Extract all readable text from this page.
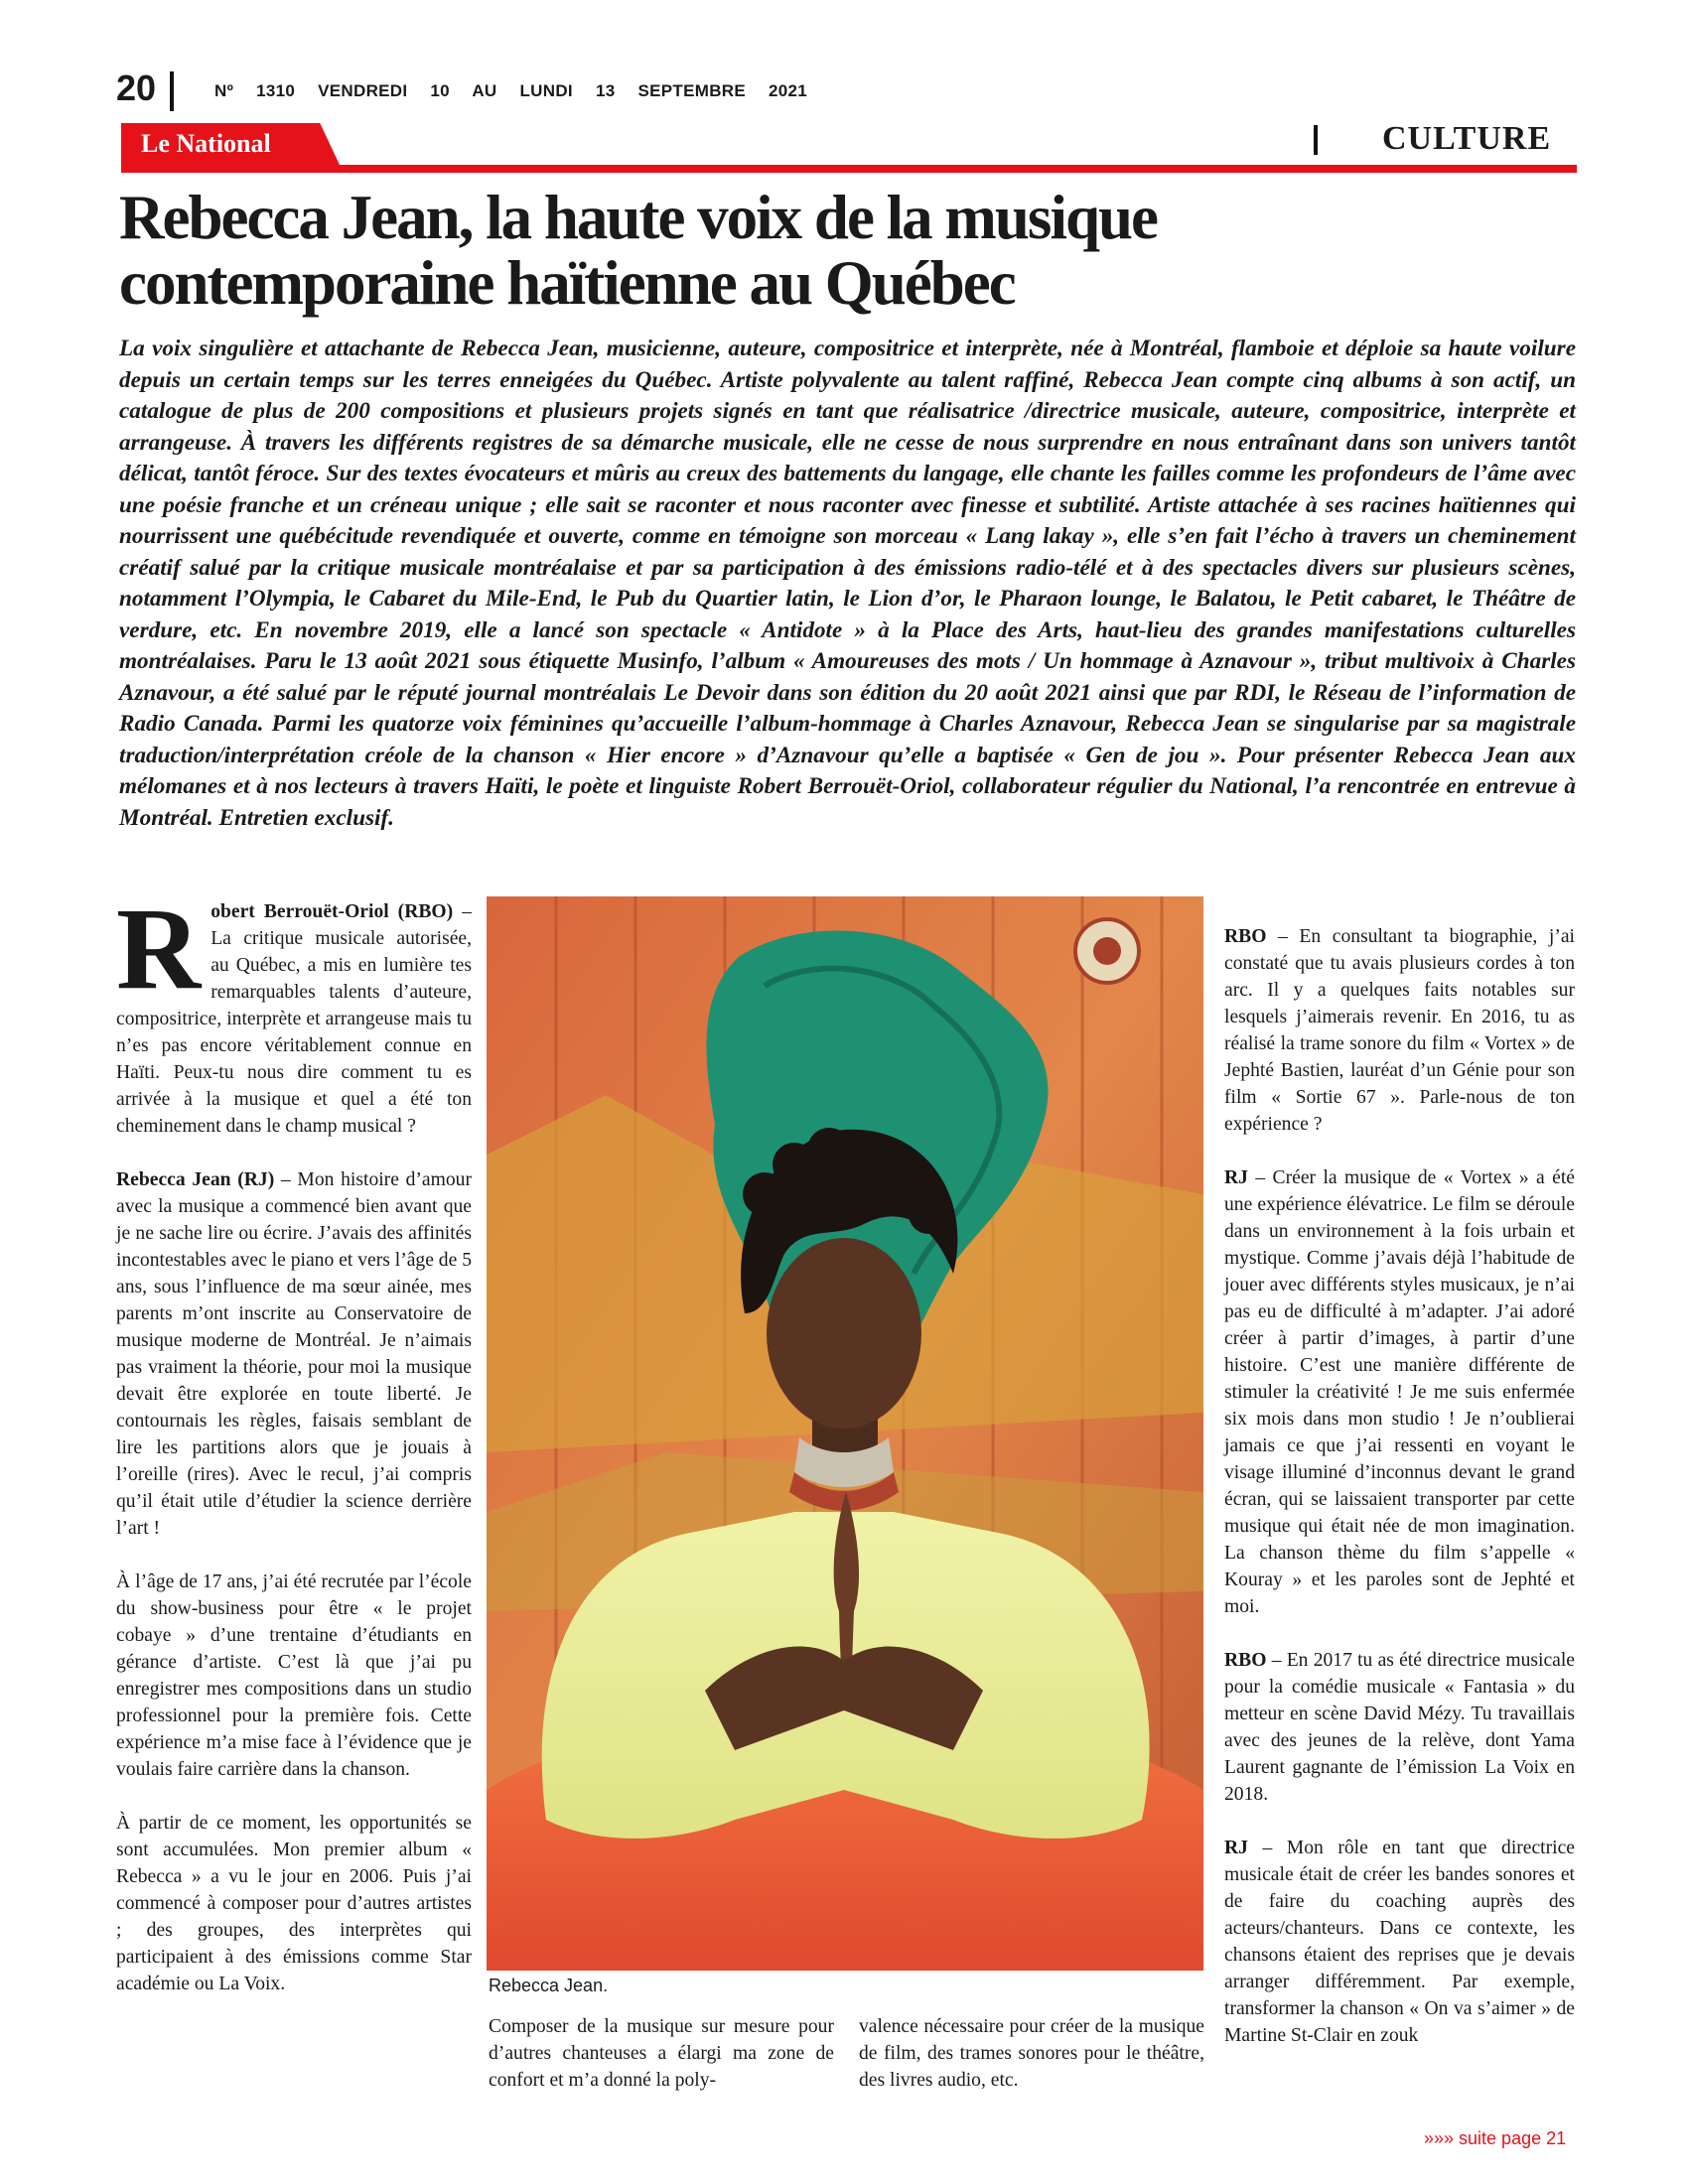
20	Nº 1310 VENDREDI 10 AU LUNDI 13 SEPTEMBRE 2021
Le National	CULTURE
Rebecca Jean, la haute voix de la musique
contemporaine haïtienne au Québec

La voix singulière et attachante de Rebecca Jean, musicienne, auteure, compositrice et interprète, née à Montréal, flamboie et déploie sa haute voilure depuis un certain temps sur les terres enneigées du Québec. Artiste polyvalente au talent raffiné, Rebecca Jean compte cinq albums à son actif, un catalogue de plus de 200 compositions et plusieurs projets signés en tant que réalisatrice /directrice musicale, auteure, compositrice, interprète et arrangeuse. À travers les différents registres de sa démarche musicale, elle ne cesse de nous surprendre en nous entraînant dans son univers tantôt délicat, tantôt féroce. Sur des textes évocateurs et mûris au creux des battements du langage, elle chante les failles comme les profondeurs de l’âme avec une poésie franche et un créneau unique ; elle sait se raconter et nous raconter avec finesse et subtilité. Artiste attachée à ses racines haïtiennes qui nourrissent une québécitude revendiquée et ouverte, comme en témoigne son morceau « Lang lakay », elle s’en fait l’écho à travers un cheminement créatif salué par la critique musicale montréalaise et par sa participation à des émissions radio-télé et à des spectacles divers sur plusieurs scènes, notamment l’Olympia, le Cabaret du Mile-End, le Pub du Quartier latin, le Lion d’or, le Pharaon lounge, le Balatou, le Petit cabaret, le Théâtre de verdure, etc. En novembre 2019, elle a lancé son spectacle « Antidote » à la Place des Arts, haut-lieu des grandes manifestations culturelles montréalaises. Paru le 13 août 2021 sous étiquette Musinfo, l’album « Amoureuses des mots / Un hommage à Aznavour », tribut multivoix à Charles Aznavour, a été salué par le réputé journal montréalais Le Devoir dans son édition du 20 août 2021 ainsi que par RDI, le Réseau de l’information de Radio Canada. Parmi les quatorze voix féminines qu’accueille l’album-hommage à Charles Aznavour, Rebecca Jean se singularise par sa magistrale traduction/interprétation créole de la chanson « Hier encore » d’Aznavour qu’elle a baptisée « Gen de jou ». Pour présenter Rebecca Jean aux mélomanes et à nos lecteurs à travers Haïti, le poète et linguiste Robert Berrouët-Oriol, collaborateur régulier du National, l’a rencontrée en entrevue à Montréal. Entretien exclusif.

Robert Berrouët-Oriol (RBO) – La critique musicale autorisée, au Québec, a mis en lumière tes remarquables talents d’auteure, compositrice, interprète et arrangeuse mais tu n’es pas encore véritablement connue en Haïti. Peux-tu nous dire comment tu es arrivée à la musique et quel a été ton cheminement dans le champ musical ?

Rebecca Jean (RJ) – Mon histoire d’amour avec la musique a commencé bien avant que je ne sache lire ou écrire. J’avais des affinités incontestables avec le piano et vers l’âge de 5 ans, sous l’influence de ma sœur ainée, mes parents m’ont inscrite au Conservatoire de musique moderne de Montréal. Je n’aimais pas vraiment la théorie, pour moi la musique devait être explorée en toute liberté. Je contournais les règles, faisais semblant de lire les partitions alors que je jouais à l’oreille (rires). Avec le recul, j’ai compris qu’il était utile d’étudier la science derrière l’art !

À l’âge de 17 ans, j’ai été recrutée par l’école du show-business pour être « le projet cobaye » d’une trentaine d’étudiants en gérance d’artiste. C’est là que j’ai pu enregistrer mes compositions dans un studio professionnel pour la première fois. Cette expérience m’a mise face à l’évidence que je voulais faire carrière dans la chanson.

À partir de ce moment, les opportunités se sont accumulées. Mon premier album « Rebecca » a vu le jour en 2006. Puis j’ai commencé à composer pour d’autres artistes ; des groupes, des interprètes qui participaient à des émissions comme Star académie ou La Voix.	Rebecca Jean.

Composer de la musique sur mesure pour d’autres chanteuses a élargi ma zone de confort et m’a donné la poly-

valence nécessaire pour créer de la musique de film, des trames sonores pour le théâtre, des livres audio, etc.

RBO – En consultant ta biographie, j’ai constaté que tu avais plusieurs cordes à ton arc. Il y a quelques faits notables sur lesquels j’aimerais revenir. En 2016, tu as réalisé la trame sonore du film « Vortex » de Jephté Bastien, lauréat d’un Génie pour son film « Sortie 67 ». Parle-nous de ton expérience ?

RJ – Créer la musique de « Vortex » a été une expérience élévatrice. Le film se déroule dans un environnement à la fois urbain et mystique. Comme j’avais déjà l’habitude de jouer avec différents styles musicaux, je n’ai pas eu de difficulté à m’adapter. J’ai adoré créer à partir d’images, à partir d’une histoire. C’est une manière différente de stimuler la créativité ! Je me suis enfermée six mois dans mon studio ! Je n’oublierai jamais ce que j’ai ressenti en voyant le visage illuminé d’inconnus devant le grand écran, qui se laissaient transporter par cette musique qui était née de mon imagination. La chanson thème du film s’appelle « Kouray » et les paroles sont de Jephté et moi.

RBO – En 2017 tu as été directrice musicale pour la comédie musicale « Fantasia » du metteur en scène David Mézy. Tu travaillais avec des jeunes de la relève, dont Yama Laurent gagnante de l’émission La Voix en 2018.

RJ – Mon rôle en tant que directrice musicale était de créer les bandes sonores et de faire du coaching auprès des acteurs/chanteurs. Dans ce contexte, les chansons étaient des reprises que je devais arranger différemment. Par exemple, transformer la chanson « On va s’aimer » de Martine St-Clair en zouk

»»» suite page 21
